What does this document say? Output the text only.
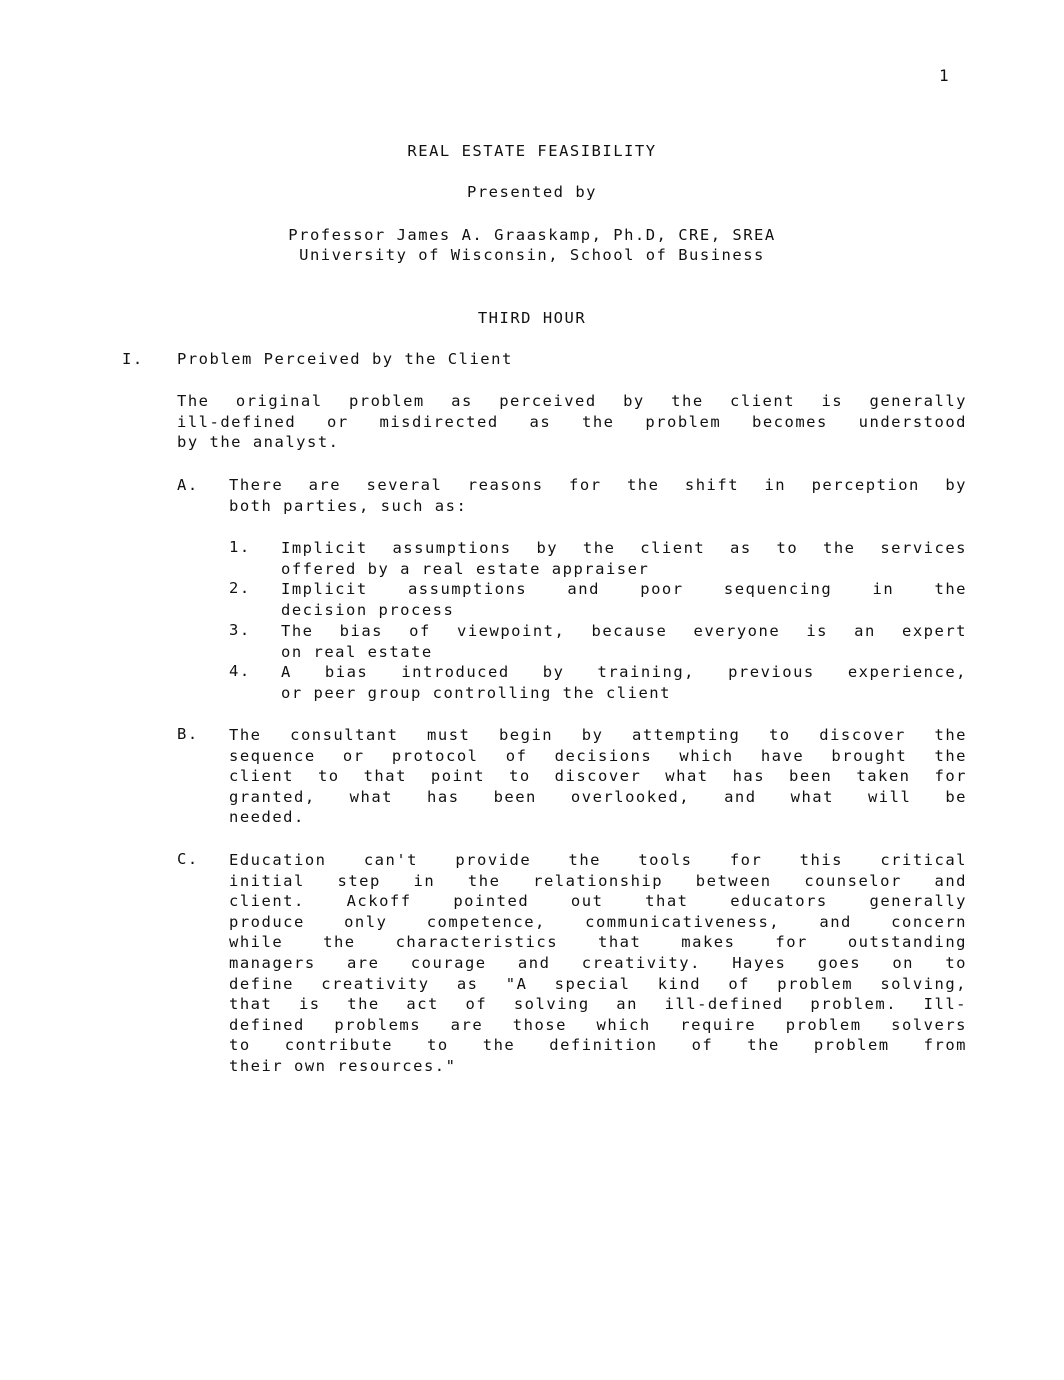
1
REAL ESTATE FEASIBILITY
Presented by
Professor James A. Graaskamp, Ph.D, CRE, SREA
University of Wisconsin, School of Business
THIRD HOUR
I. Problem Perceived by the Client
The original problem as perceived by the client is generally
ill-defined or misdirected as the problem becomes understood
by the analyst.
A. There are several reasons for the shift in perception by
both parties, such as:
1. Implicit assumptions by the client as to the services
offered by a real estate appraiser
2. Implicit assumptions and poor sequencing in the
decision process
3. The bias of viewpoint, because everyone is an expert
on real estate
4. A bias introduced by training, previous experience,
or peer group controlling the client
B. The consultant must begin by attempting to discover the
sequence or protocol of decisions which have brought the
client to that point to discover what has been taken for
granted, what has been overlooked, and what will be
needed.
C. Education can't provide the tools for this critical
initial step in the relationship between counselor and
client. Ackoff pointed out that educators generally
produce only competence, communicativeness, and concern
while the characteristics that makes for outstanding
managers are courage and creativity. Hayes goes on to
define creativity as "A special kind of problem solving,
that is the act of solving an ill-defined problem. Ill-
defined problems are those which require problem solvers
to contribute to the definition of the problem from
their own resources."
